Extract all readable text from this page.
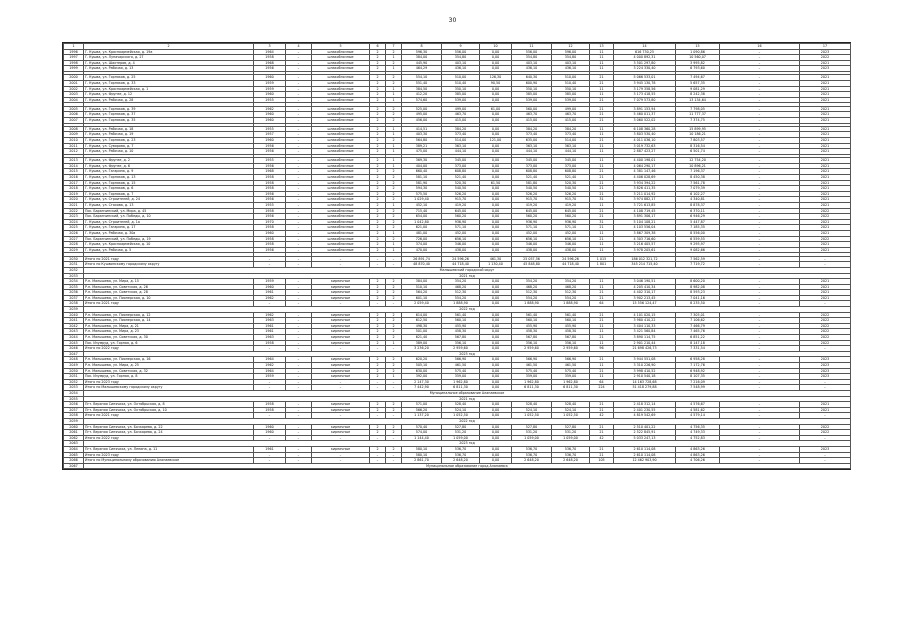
30
1	2	3	4	5	6	7	8	9	10	11	12	13	14	15	16	17
1996	Г. Кушва, ул. Красноармейская, д. 19а	1964	–	шлакоблочные	2	2	596,30	556,00	0,00	556,00	596,00	11	616 730,25	1 090,86	–	2023
1997	Г. Кушва, ул. Луначарского, д. 27	1958	–	шлакоблочные	2	1	384,00	354,80	0,00	354,80	354,80	11	4 000 892,31	10 560,07	–	2022
1998	Г. Кушва, ул. Шахтеров, д. 4	1968	–	шлакоблочные	2	2	445,90	403,10	0,00	403,10	403,10	11	3 501 297,80	3 995,82	–	2021
1999	Г. Кушва, ул. Рабочая, д. 13	1956	–	шлакоблочные	2	1	464,29	436,10	0,00	436,10	436,10	11	3 224 330,40	6 793,60	–	2023

2000	Г. Кушва, ул. Горняков, д. 25	1960	–	шлакоблочные	2	2	554,10	510,00	126,30	640,30	510,00	21	5 066 533,01	7 494,67	–	2021
2001	Г. Кушва, ул. Горняков, д. 33	1959	–	шлакоблочные	2	2	551,40	510,40	90,50	600,90	510,40	21	3 945 130,78	5 657,35	–	2021
2002	Г. Кушва, ул. Красноармейская, д. 1	1959	–	шлакоблочные	2	1	384,50	350,10	0,00	350,10	350,10	11	3 179 358,56	9 081,29	–	2021
2003	Г. Кушва, ул. Фрунзе, д. 12	1960	–	шлакоблочные	2	1	412,20	385,00	0,00	385,00	385,00	11	3 173 418,55	8 242,38	–	2021
2004	Г. Кушва, ул. Рабочая, д. 28	1955	–	шлакоблочные	2	1	574,60	539,00	0,00	539,00	539,00	21	7 079 573,80	13 134,64	–	2021

2005	Г. Кушва, ул. Горняков, д. 39	1962	–	шлакоблочные	2	2	525,00	499,00	61,00	560,00	499,00	21	3 891 153,94	7 798,05	–	2021
2006	Г. Кушва, ул. Горняков, д. 37	1960	–	шлакоблочные	2	2	495,00	463,70	0,00	463,70	463,70	21	5 460 011,37	11 777,37	–	2021
2007	Г. Кушва, ул. Горняков, д. 35	1960	–	шлакоблочные	2	2	456,00	415,00	0,00	415,00	415,00	21	3 060 522,02	7 374,75	–	2021

2008	Г. Кушва, ул. Рабочая, д. 18	1955	–	шлакоблочные	2	1	414,51	384,20	0,00	384,20	384,20	11	6 108 360,28	15 899,95	–	2021
2009	Г. Кушва, ул. Рабочая, д. 19	1957	–	шлакоблочные	2	1	403,30	373,40	0,00	373,40	373,40	11	3 803 530,40	10 186,21	–	2021
2010	Г. Кушва, ул. Горняков, д. 23	1960	–	шлакоблочные	2	2	564,80	514,00	121,00	635,00	514,00	21	4 011 036,10	7 803,57	–	2021
2011	Г. Кушва, ул. Суворова, д. 7	1956	–	шлакоблочные	2	1	389,21	363,10	0,00	363,10	363,10	11	3 019 732,63	8 316,54	–	2021
2012	Г. Кушва, ул. Рабочая, д. 10	1956	–	шлакоблочные	2	1	475,00	444,10	0,00	444,10	444,10	11	2 887 423,27	6 501,74	–	2021

2013	Г. Кушва, ул. Фрунзе, д. 2	1955	–	шлакоблочные	2	1	369,30	345,00	0,00	345,00	345,00	11	4 400 198,01	12 754,20	–	2021
2014	Г. Кушва, ул. Фрунзе, д. 6	1956	–	шлакоблочные	2	1	404,00	373,00	0,00	373,00	373,00	11	4 064 290,17	10 896,21	–	2021
2015	Г. Кушва, ул. Гагарина, д. 9	1968	–	шлакоблочные	2	2	660,40	608,80	0,00	608,80	608,80	21	4 381 147,46	7 196,37	–	2021
2016	Г. Кушва, ул. Горняков, д. 13	1958	–	шлакоблочные	2	2	581,10	521,40	0,00	521,40	521,40	21	4 406 028,69	8 450,38	–	2021
2017	Г. Кушва, ул. Горняков, д. 15	1958	–	шлакоблочные	2	2	581,90	520,30	61,50	581,80	520,30	21	3 934 394,22	7 561,78	–	2021
2018	Г. Кушва, ул. Горняков, д. 6	1958	–	шлакоблочные	2	2	594,30	540,50	0,00	540,50	540,50	21	3 826 411,35	7 079,39	–	2021
2019	Г. Кушва, ул. Горняков, д. 7	1956	–	шлакоблочные	2	2	575,50	526,20	0,00	526,20	526,20	21	3 211 014,92	6 102,27	–	2021
2020	Г. Кушва, ул. Строителей, д. 24	1956	–	шлакоблочные	2	2	1 029,40	915,70	0,00	915,70	915,70	31	3 974 882,17	4 340,81	–	2021
2021	Г. Кушва, ул. Стахова, д. 13	1955	–	шлакоблочные	2	1	452,10	419,20	0,00	419,20	419,20	11	3 721 613,85	8 878,37	–	2021
2022	Пос. Баранчинский, ул. Мира, д. 45	1958	–	шлакоблочные	2	2	715,40	645,00	0,00	645,00	645,00	21	4 108 719,45	6 370,11	–	2022
2023	Пос. Баранчинский, ул. Победы, д. 10	1956	–	шлакоблочные	2	2	654,00	560,20	0,00	560,20	560,20	21	3 891 306,17	6 946,29	–	2022
2024	Г. Кушва, ул. Строителей, д. 1а	1970	–	шлакоблочные	2	2	1 042,80	936,90	0,00	936,90	936,90	31	5 104 108,21	5 447,87	–	2021
2025	Г. Кушва, ул. Гагарина, д. 17	1958	–	шлакоблочные	2	2	621,00	571,10	0,00	571,10	571,10	21	4 103 556,04	7 185,35	–	2021
2026	Г. Кушва, ул. Рабочая, д. 30а	1960	–	шлакоблочные	2	1	481,00	452,00	0,00	452,00	452,00	11	3 867 309,38	8 556,00	–	2021
2027	Пос. Баранчинский, ул. Победы, д. 19	1958	–	шлакоблочные	2	2	726,00	656,10	0,00	656,10	656,10	21	4 303 716,60	6 559,55	–	2022
2028	Г. Кушва, ул. Красноармейская, д. 10	1958	–	шлакоблочные	2	1	374,00	346,00	0,00	346,00	346,00	11	3 216 405,57	9 295,97	–	2021
2029	Г. Кушва, ул. Рабочая, д. 5	1956	–	шлакоблочные	2	1	470,00	438,00	0,00	438,00	438,00	11	3 978 205,61	9 082,66	–	2021

2030	Итого по 2021 году	–	–	–	–	–	26 891,74	24 596,26	461,30	25 057,56	24 596,26	1 015	186 012 321,72	7 562,59	–	–
2031	Итого по Кушвинскому городскому округу	–	–	–	–	–	48 870,40	44 718,40	1 130,40	45 848,80	44 718,40	1 801	345 214 715,40	7 719,72	–	–
2032	Малышевский городской округ															
2033	2021 год															
2034	Р.п. Малышева, ул. Мира, д. 15	1959	–	кирпичные	2	2	384,00	354,20	0,00	354,20	354,20	11	3 046 190,51	8 600,20	–	2021
2035	Р.п. Малышева, ул. Советская, д. 26	1960	–	кирпичные	2	2	510,10	468,20	0,00	468,20	468,20	11	4 205 410,34	8 982,08	–	2021
2036	Р.п. Малышева, ул. Советская, д. 28	1961	–	кирпичные	2	2	564,20	512,30	0,00	512,30	512,30	21	4 402 310,17	8 593,23	–	2021
2037	Р.п. Малышева, ул. Пионерская, д. 10	1962	–	кирпичные	2	2	601,10	554,20	0,00	554,20	554,20	21	3 902 213,45	7 041,16	–	2021
2038	Итого по 2021 году	–	–	–	–	–	2 059,40	1 888,90	0,00	1 888,90	1 888,90	64	15 556 124,47	8 235,50	–	–
2039	2022 год															
2040	Р.п. Малышева, ул. Пионерская, д. 12	1962	–	кирпичные	2	2	614,00	561,40	0,00	561,40	561,40	21	4 101 020,15	7 305,01	–	2022
2041	Р.п. Малышева, ул. Пионерская, д. 14	1963	–	кирпичные	2	2	612,50	560,10	0,00	560,10	560,10	21	3 980 410,22	7 106,62	–	2022
2042	Р.п. Малышева, ул. Мира, д. 21	1961	–	кирпичные	2	2	498,30	455,90	0,00	455,90	455,90	11	3 404 110,33	7 466,79	–	2022
2043	Р.п. Малышева, ул. Мира, д. 23	1961	–	кирпичные	2	2	501,00	458,30	0,00	458,30	458,30	11	3 421 560,84	7 465,76	–	2022
2044	Р.п. Малышева, ул. Советская, д. 30	1963	–	кирпичные	2	2	621,40	567,80	0,00	567,80	567,80	21	3 890 114,75	6 851,22	–	2022
2045	Пос. Изумруд, ул. Горная, д. 6	1958	–	кирпичные	2	1	389,00	356,10	0,00	356,10	356,10	11	2 901 210,44	8 147,18	–	2022
2046	Итого по 2022 году	–	–	–	–	–	3 236,20	2 959,60	0,00	2 959,60	2 959,60	96	21 698 426,73	7 331,54	–	–
2047	2023 год															
2048	Р.п. Малышева, ул. Пионерская, д. 16	1964	–	кирпичные	2	2	620,20	566,90	0,00	566,90	566,90	21	3 944 551,08	6 958,28	–	2023
2049	Р.п. Малышева, ул. Мира, д. 25	1962	–	кирпичные	2	2	505,10	461,50	0,00	461,50	461,50	11	3 310 226,90	7 172,76	–	2023
2050	Р.п. Малышева, ул. Советская, д. 32	1964	–	кирпичные	2	2	630,00	575,40	0,00	575,40	575,40	21	3 998 410,52	6 948,92	–	2023
2051	Пос. Изумруд, ул. Горная, д. 8	1959	–	кирпичные	2	1	392,00	359,00	0,00	359,00	359,00	11	2 910 540,18	8 107,35	–	2023
2052	Итого по 2023 году	–	–	–	–	–	2 147,30	1 962,80	0,00	1 962,80	1 962,80	64	14 163 728,68	7 216,09	–	–
2053	Итого по Малышевскому городскому округу	–	–	–	–	–	7 442,90	6 811,30	0,00	6 811,30	6 811,30	224	51 418 279,88	7 548,99	–	–
2054	Муниципальное образование Алапаевское															
2055	2021 год															
2056	Пгт. Верхняя Синячиха, ул. Октябрьская, д. 8	1958	–	кирпичные	2	2	571,00	528,40	0,00	528,40	528,40	21	2 418 312,14	4 576,67	–	2021
2057	Пгт. Верхняя Синячиха, ул. Октябрьская, д. 10	1958	–	кирпичные	2	2	566,20	524,10	0,00	524,10	524,10	21	2 401 230,55	4 581,62	–	2021
2058	Итого по 2021 году	–	–	–	–	–	1 137,20	1 052,50	0,00	1 052,50	1 052,50	42	4 819 542,69	4 579,14	–	–
2059	2022 год															
2060	Пгт. Верхняя Синячиха, ул. Бочкарева, д. 22	1960	–	кирпичные	2	2	570,40	527,80	0,00	527,80	527,80	21	2 510 401,22	4 756,35	–	2022
2061	Пгт. Верхняя Синячиха, ул. Бочкарева, д. 24	1960	–	кирпичные	2	2	574,00	531,20	0,00	531,20	531,20	21	2 522 845,91	4 749,33	–	2022
2062	Итого по 2022 году	–	–	–	–	–	1 144,40	1 059,00	0,00	1 059,00	1 059,00	42	5 033 247,13	4 752,83	–	–
2063	2023 год															
2064	Пгт. Верхняя Синячиха, ул. Ленина, д. 11	1961	–	кирпичные	2	2	580,10	536,70	0,00	536,70	536,70	21	2 610 114,08	4 863,26	–	2023
2065	Итого по 2023 году	–	–	–	–	–	580,10	536,70	0,00	536,70	536,70	21	2 610 114,08	4 863,26	–	–
2066	Итого по Муниципальному образованию Алапаевское	–	–	–	–	–	2 861,70	2 648,20	0,00	2 648,20	2 648,20	105	12 462 903,90	4 706,26	–	–
2067	Муниципальное образование город Алапаевск															
